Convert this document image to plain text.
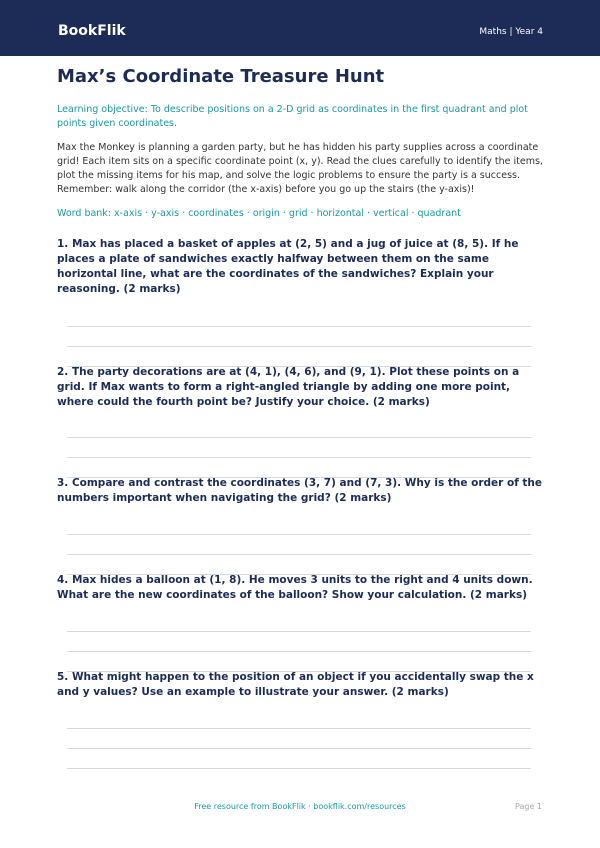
BookFlik	Maths | Year 4
Max’s Coordinate Treasure Hunt

Learning objective: To describe positions on a 2-D grid as coordinates in the first quadrant and plot points given coordinates.

Max the Monkey is planning a garden party, but he has hidden his party supplies across a coordinate grid! Each item sits on a specific coordinate point (x, y). Read the clues carefully to identify the items, plot the missing items for his map, and solve the logic problems to ensure the party is a success. Remember: walk along the corridor (the x-axis) before you go up the stairs (the y-axis)!

Word bank: x-axis · y-axis · coordinates · origin · grid · horizontal · vertical · quadrant

1. Max has placed a basket of apples at (2, 5) and a jug of juice at (8, 5). If he places a plate of sandwiches exactly halfway between them on the same horizontal line, what are the coordinates of the sandwiches? Explain your reasoning. (2 marks)

2. The party decorations are at (4, 1), (4, 6), and (9, 1). Plot these points on a grid. If Max wants to form a right-angled triangle by adding one more point, where could the fourth point be? Justify your choice. (2 marks)

3. Compare and contrast the coordinates (3, 7) and (7, 3). Why is the order of the numbers important when navigating the grid? (2 marks)

4. Max hides a balloon at (1, 8). He moves 3 units to the right and 4 units down. What are the new coordinates of the balloon? Show your calculation. (2 marks)

5. What might happen to the position of an object if you accidentally swap the x and y values? Use an example to illustrate your answer. (2 marks)

Free resource from BookFlik · bookflik.com/resources	Page 1
